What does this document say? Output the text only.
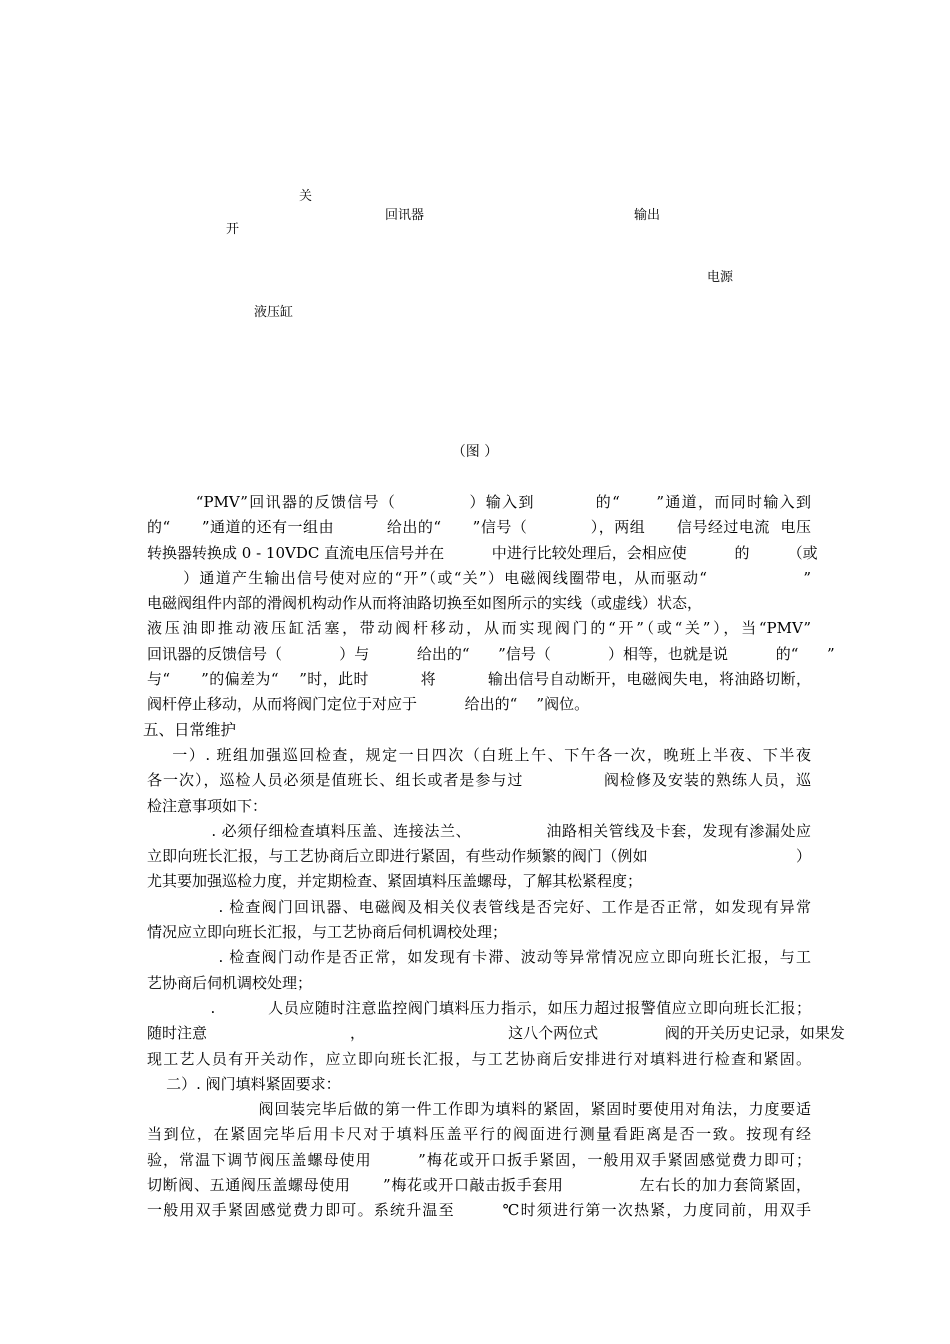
关
开
回讯器	输出
电源
液压缸
（图 ）
“PMV”回讯器的反馈信号（            ）输入到          的“      ”通道，而同时输入到
的“      ”通道的还有一组由          给出的“      ”信号（            ），两组      信号经过电流  电压
转换器转换成 0 - 10VDC 直流电压信号并在          中进行比较处理后，会相应使          的        （或
）通道产生输出信号使对应的“开”（或“关”）电磁阀线圈带电，从而驱动“                ”
电磁阀组件内部的滑阀机构动作从而将油路切换至如图所示的实线（或虚线）状态，
液压油即推动液压缸活塞，带动阀杆移动，从而实现阀门的“开”（或“关”），当“PMV”
回讯器的反馈信号（            ）与          给出的“      ”信号（            ）相等，也就是说          的“      ”
与“      ”的偏差为“    ”时，此时          将          输出信号自动断开，电磁阀失电，将油路切断，
阀杆停止移动，从而将阀门定位于对应于          给出的“    ”阀位。
五、日常维护
一）. 班组加强巡回检查，规定一日四次（白班上午、下午各一次，晚班上半夜、下半夜
各一次），巡检人员必须是值班长、组长或者是参与过              阀检修及安装的熟练人员，巡
检注意事项如下：
. 必须仔细检查填料压盖、连接法兰、              油路相关管线及卡套，发现有渗漏处应
立即向班长汇报，与工艺协商后立即进行紧固，有些动作频繁的阀门（例如                              ）
尤其要加强巡检力度，并定期检查、紧固填料压盖螺母，了解其松紧程度；
. 检查阀门回讯器、电磁阀及相关仪表管线是否完好、工作是否正常，如发现有异常
情况应立即向班长汇报，与工艺协商后伺机调校处理；
. 检查阀门动作是否正常，如发现有卡滞、波动等异常情况应立即向班长汇报，与工
艺协商后伺机调校处理；
.          人员应随时注意监控阀门填料压力指示，如压力超过报警值应立即向班长汇报；
随时注意                              ，                              这八个两位式              阀的开关历史记录，如果发
现工艺人员有开关动作，应立即向班长汇报，与工艺协商后安排进行对填料进行检查和紧固。
二）. 阀门填料紧固要求：
阀回装完毕后做的第一件工作即为填料的紧固，紧固时要使用对角法，力度要适
当到位，在紧固完毕后用卡尺对于填料压盖平行的阀面进行测量看距离是否一致。按现有经
验，常温下调节阀压盖螺母使用        ”梅花或开口扳手紧固，一般用双手紧固感觉费力即可；
切断阀、五通阀压盖螺母使用      ”梅花或开口敲击扳手套用              左右长的加力套筒紧固，
一般用双手紧固感觉费力即可。系统升温至        ℃时须进行第一次热紧，力度同前，用双手
